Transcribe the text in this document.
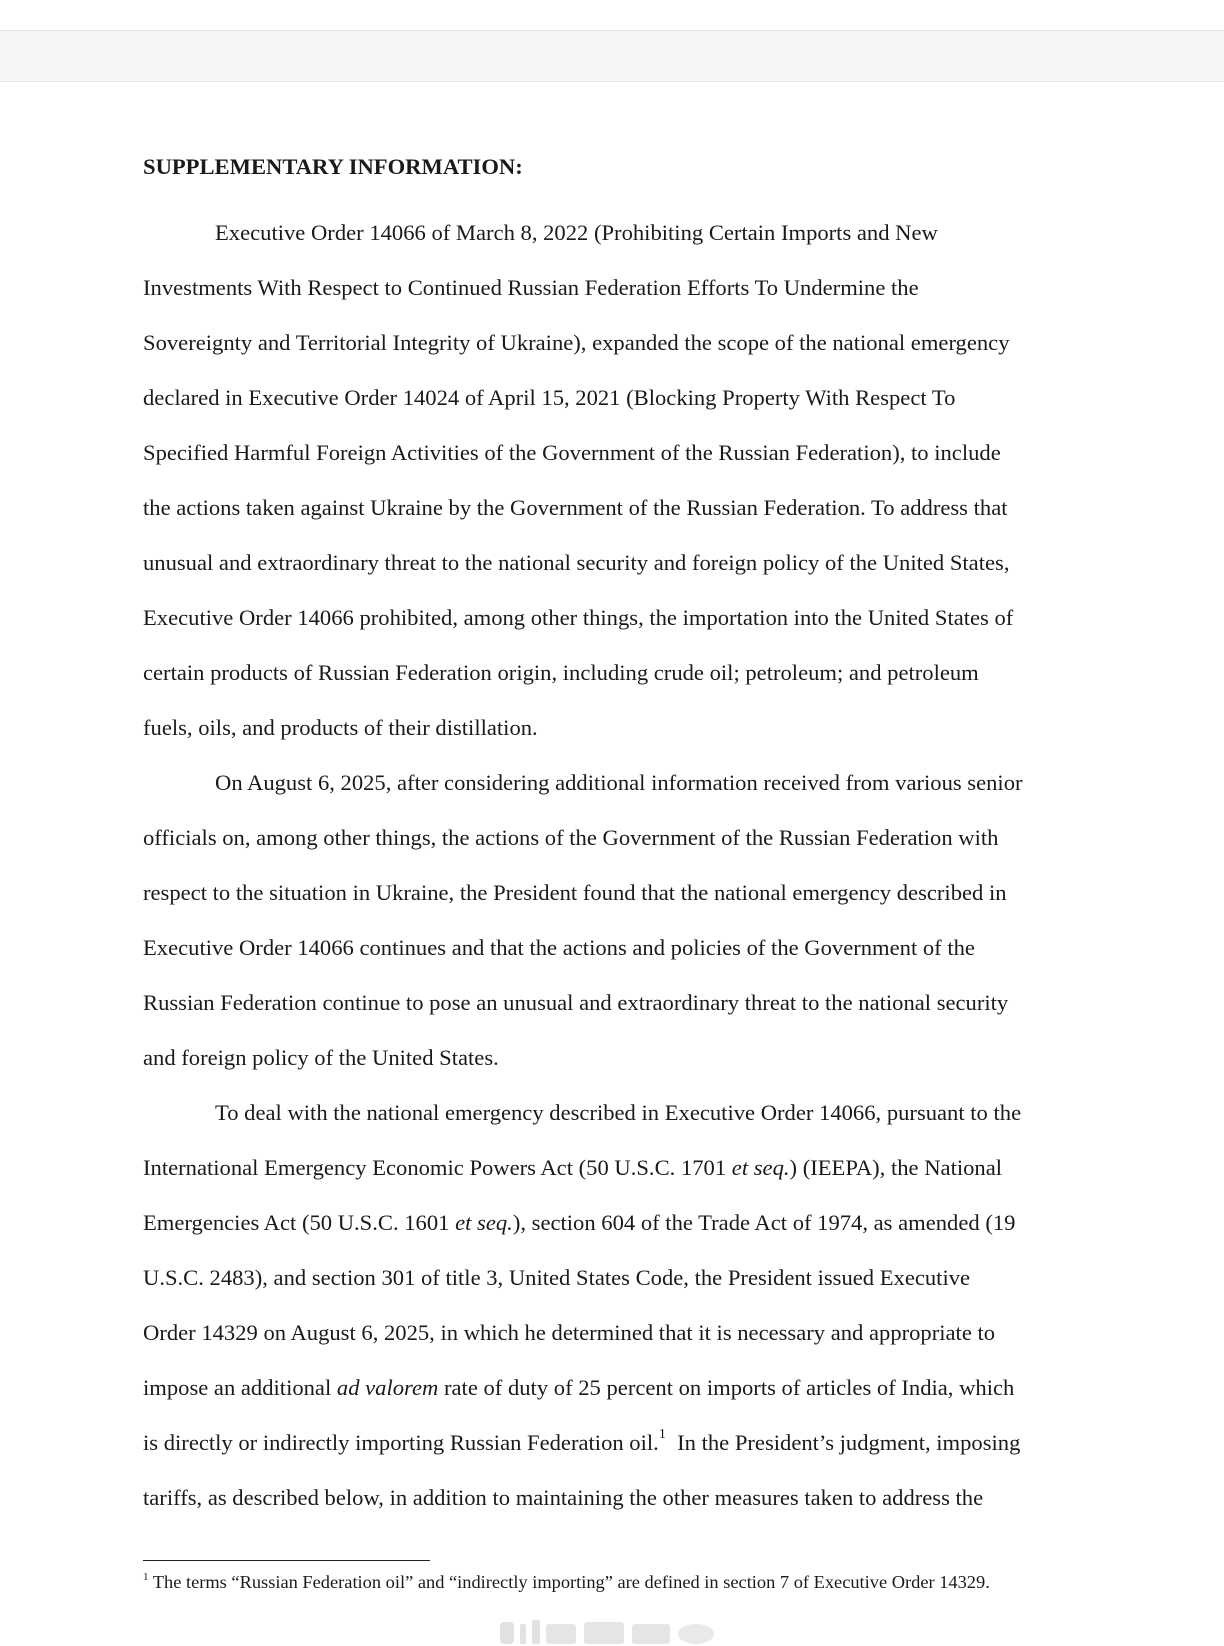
SUPPLEMENTARY INFORMATION:

Executive Order 14066 of March 8, 2022 (Prohibiting Certain Imports and New
Investments With Respect to Continued Russian Federation Efforts To Undermine the
Sovereignty and Territorial Integrity of Ukraine), expanded the scope of the national emergency
declared in Executive Order 14024 of April 15, 2021 (Blocking Property With Respect To
Specified Harmful Foreign Activities of the Government of the Russian Federation), to include
the actions taken against Ukraine by the Government of the Russian Federation. To address that
unusual and extraordinary threat to the national security and foreign policy of the United States,
Executive Order 14066 prohibited, among other things, the importation into the United States of
certain products of Russian Federation origin, including crude oil; petroleum; and petroleum
fuels, oils, and products of their distillation.

On August 6, 2025, after considering additional information received from various senior
officials on, among other things, the actions of the Government of the Russian Federation with
respect to the situation in Ukraine, the President found that the national emergency described in
Executive Order 14066 continues and that the actions and policies of the Government of the
Russian Federation continue to pose an unusual and extraordinary threat to the national security
and foreign policy of the United States.

To deal with the national emergency described in Executive Order 14066, pursuant to the
International Emergency Economic Powers Act (50 U.S.C. 1701 et seq.) (IEEPA), the National
Emergencies Act (50 U.S.C. 1601 et seq.), section 604 of the Trade Act of 1974, as amended (19
U.S.C. 2483), and section 301 of title 3, United States Code, the President issued Executive
Order 14329 on August 6, 2025, in which he determined that it is necessary and appropriate to
impose an additional ad valorem rate of duty of 25 percent on imports of articles of India, which
is directly or indirectly importing Russian Federation oil.$^1$  In the President’s judgment, imposing
tariffs, as described below, in addition to maintaining the other measures taken to address the

$^1$ The terms “Russian Federation oil” and “indirectly importing” are defined in section 7 of Executive Order 14329.
